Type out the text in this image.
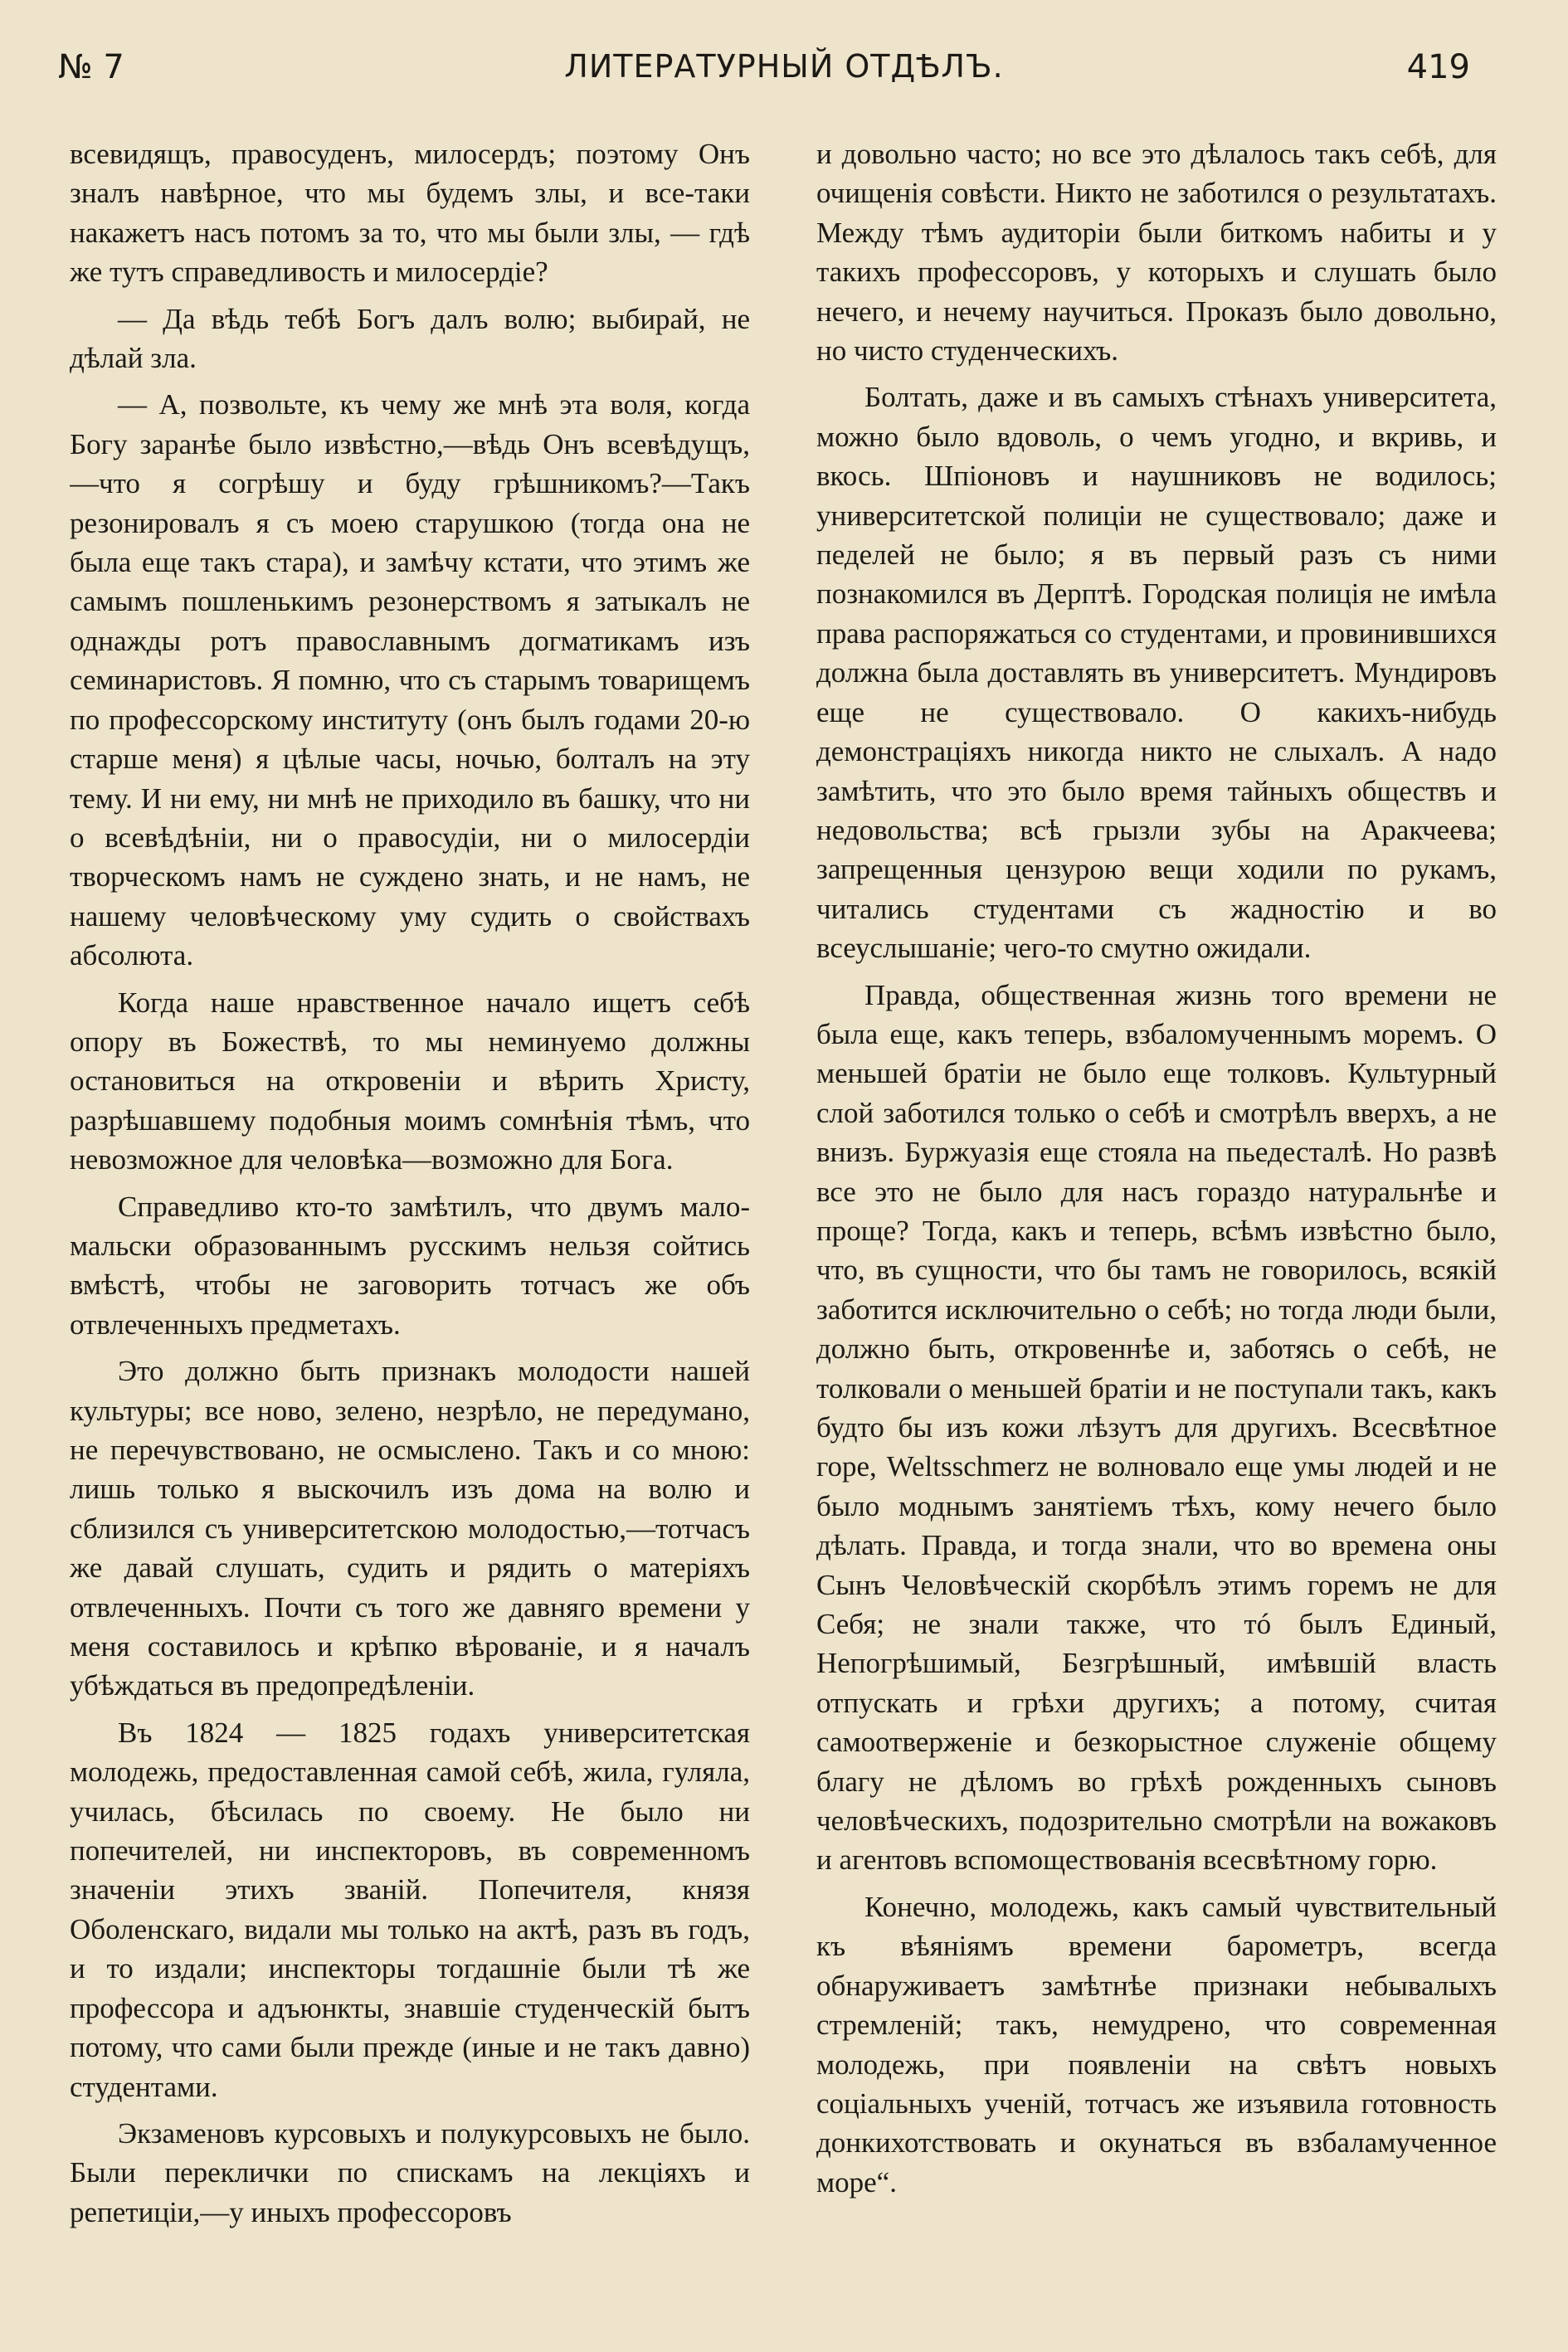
№ 7	ЛИТЕРАТУРНЫЙ ОТДѢЛЪ.	419

всевидящъ, правосуденъ, милосердъ; поэтому Онъ зналъ навѣрное, что мы будемъ злы, и все-таки накажетъ насъ потомъ за то, что мы были злы, — гдѣ же тутъ справедливость и милосердіе?

— Да вѣдь тебѣ Богъ далъ волю; выбирай, не дѣлай зла.

— А, позвольте, къ чему же мнѣ эта воля, когда Богу заранѣе было извѣстно,—вѣдь Онъ всевѣдущъ,—что я согрѣшу и буду грѣшникомъ?—Такъ резонировалъ я съ моею старушкою (тогда она не была еще такъ стара), и замѣчу кстати, что этимъ же самымъ пошленькимъ резонерствомъ я затыкалъ не однажды ротъ православнымъ догматикамъ изъ семинаристовъ. Я помню, что съ старымъ товарищемъ по профессорскому институту (онъ былъ годами 20-ю старше меня) я цѣлые часы, ночью, болталъ на эту тему. И ни ему, ни мнѣ не приходило въ башку, что ни о всевѣдѣніи, ни о правосудіи, ни о милосердіи творческомъ намъ не суждено знать, и не намъ, не нашему человѣческому уму судить о свойствахъ абсолюта.

Когда наше нравственное начало ищетъ себѣ опору въ Божествѣ, то мы неминуемо должны остановиться на откровеніи и вѣрить Христу, разрѣшавшему подобныя моимъ сомнѣнія тѣмъ, что невозможное для человѣка—возможно для Бога.

Справедливо кто-то замѣтилъ, что двумъ мало-мальски образованнымъ русскимъ нельзя сойтись вмѣстѣ, чтобы не заговорить тотчасъ же объ отвлеченныхъ предметахъ.

Это должно быть признакъ молодости нашей культуры; все ново, зелено, незрѣло, не передумано, не перечувствовано, не осмыслено. Такъ и со мною: лишь только я выскочилъ изъ дома на волю и сблизился съ университетскою молодостью,—тотчасъ же давай слушать, судить и рядить о матеріяхъ отвлеченныхъ. Почти съ того же давняго времени у меня составилось и крѣпко вѣрованіе, и я началъ убѣждаться въ предопредѣленіи.

Въ 1824 — 1825 годахъ университетская молодежь, предоставленная самой себѣ, жила, гуляла, училась, бѣсилась по своему. Не было ни попечителей, ни инспекторовъ, въ современномъ значеніи этихъ званій. Попечителя, князя Оболенскаго, видали мы только на актѣ, разъ въ годъ, и то издали; инспекторы тогдашніе были тѣ же профессора и адъюнкты, знавшіе студенческій бытъ потому, что сами были прежде (иные и не такъ давно) студентами.

Экзаменовъ курсовыхъ и полукурсовыхъ не было. Были переклички по спискамъ на лекціяхъ и репетиціи,—у иныхъ профессоровъ

и довольно часто; но все это дѣлалось такъ себѣ, для очищенія совѣсти. Никто не заботился о результатахъ. Между тѣмъ аудиторіи были биткомъ набиты и у такихъ профессоровъ, у которыхъ и слушать было нечего, и нечему научиться. Проказъ было довольно, но чисто студенческихъ.

Болтать, даже и въ самыхъ стѣнахъ университета, можно было вдоволь, о чемъ угодно, и вкривь, и вкось. Шпіоновъ и наушниковъ не водилось; университетской полиціи не существовало; даже и педелей не было; я въ первый разъ съ ними познакомился въ Дерптѣ. Городская полиція не имѣла права распоряжаться со студентами, и провинившихся должна была доставлять въ университетъ. Мундировъ еще не существовало. О какихъ-нибудь демонстраціяхъ никогда никто не слыхалъ. А надо замѣтить, что это было время тайныхъ обществъ и недовольства; всѣ грызли зубы на Аракчеева; запрещенныя цензурою вещи ходили по рукамъ, читались студентами съ жадностію и во всеуслышаніе; чего-то смутно ожидали.

Правда, общественная жизнь того времени не была еще, какъ теперь, взбаломученнымъ моремъ. О меньшей братіи не было еще толковъ. Культурный слой заботился только о себѣ и смотрѣлъ вверхъ, а не внизъ. Буржуазія еще стояла на пьедесталѣ. Но развѣ все это не было для насъ гораздо натуральнѣе и проще? Тогда, какъ и теперь, всѣмъ извѣстно было, что, въ сущности, что бы тамъ не говорилось, всякій заботится исключительно о себѣ; но тогда люди были, должно быть, откровеннѣе и, заботясь о себѣ, не толковали о меньшей братіи и не поступали такъ, какъ будто бы изъ кожи лѣзутъ для другихъ. Всесвѣтное горе, Weltsschmerz не волновало еще умы людей и не было моднымъ занятіемъ тѣхъ, кому нечего было дѣлать. Правда, и тогда знали, что во времена оны Сынъ Человѣческій скорбѣлъ этимъ горемъ не для Себя; не знали также, что тó былъ Единый, Непогрѣшимый, Безгрѣшный, имѣвшій власть отпускать и грѣхи другихъ; а потому, считая самоотверженіе и безкорыстное служеніе общему благу не дѣломъ во грѣхѣ рожденныхъ сыновъ человѣческихъ, подозрительно смотрѣли на вожаковъ и агентовъ вспомоществованія всесвѣтному горю.

Конечно, молодежь, какъ самый чувствительный къ вѣяніямъ времени барометръ, всегда обнаруживаетъ замѣтнѣе признаки небывалыхъ стремленій; такъ, немудрено, что современная молодежь, при появленіи на свѣтъ новыхъ соціальныхъ ученій, тотчасъ же изъявила готовность донкихотствовать и окунаться въ взбаламученное море“.
